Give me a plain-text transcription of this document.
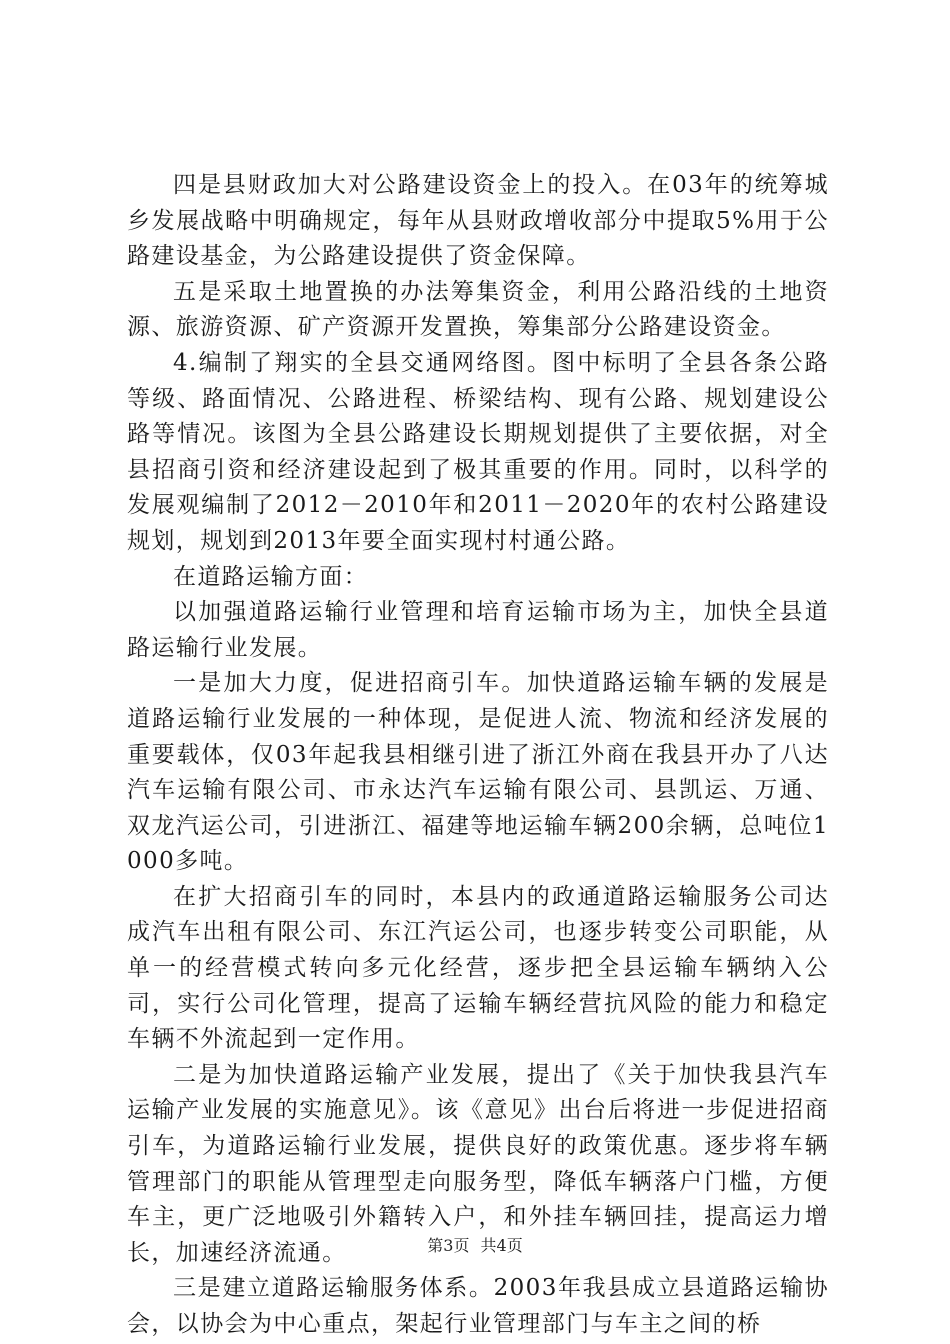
四是县财政加大对公路建设资金上的投入。在03年的统筹城乡发展战略中明确规定，每年从县财政增收部分中提取5%用于公路建设基金，为公路建设提供了资金保障。

五是采取土地置换的办法筹集资金，利用公路沿线的土地资源、旅游资源、矿产资源开发置换，筹集部分公路建设资金。

4.编制了翔实的全县交通网络图。图中标明了全县各条公路等级、路面情况、公路进程、桥梁结构、现有公路、规划建设公路等情况。该图为全县公路建设长期规划提供了主要依据，对全县招商引资和经济建设起到了极其重要的作用。同时，以科学的发展观编制了2012－2010年和2011－2020年的农村公路建设规划，规划到2013年要全面实现村村通公路。

在道路运输方面：

以加强道路运输行业管理和培育运输市场为主，加快全县道路运输行业发展。

一是加大力度，促进招商引车。加快道路运输车辆的发展是道路运输行业发展的一种体现，是促进人流、物流和经济发展的重要载体，仅03年起我县相继引进了浙江外商在我县开办了八达汽车运输有限公司、市永达汽车运输有限公司、县凯运、万通、双龙汽运公司，引进浙江、福建等地运输车辆200余辆，总吨位1000多吨。

在扩大招商引车的同时，本县内的政通道路运输服务公司达成汽车出租有限公司、东江汽运公司，也逐步转变公司职能，从单一的经营模式转向多元化经营，逐步把全县运输车辆纳入公司，实行公司化管理，提高了运输车辆经营抗风险的能力和稳定车辆不外流起到一定作用。

二是为加快道路运输产业发展，提出了《关于加快我县汽车运输产业发展的实施意见》。该《意见》出台后将进一步促进招商引车，为道路运输行业发展，提供良好的政策优惠。逐步将车辆管理部门的职能从管理型走向服务型，降低车辆落户门槛，方便车主，更广泛地吸引外籍转入户，和外挂车辆回挂，提高运力增长，加速经济流通。

三是建立道路运输服务体系。2003年我县成立县道路运输协会，以协会为中心重点，架起行业管理部门与车主之间的桥

第3页 共4页
